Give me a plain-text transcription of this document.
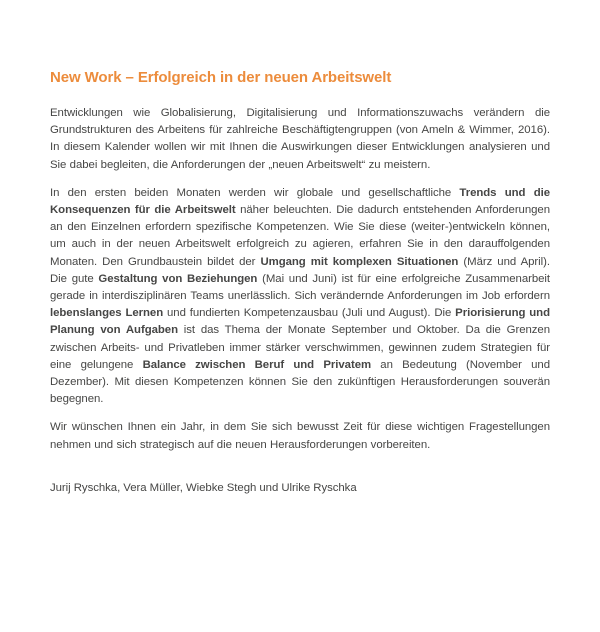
New Work – Erfolgreich in der neuen Arbeitswelt

Entwicklungen wie Globalisierung, Digitalisierung und Informationszuwachs verändern die Grundstrukturen des Arbeitens für zahlreiche Beschäftigtengruppen (von Ameln & Wimmer, 2016). In diesem Kalender wollen wir mit Ihnen die Auswirkungen dieser Entwicklungen analysieren und Sie dabei begleiten, die Anforderungen der „neuen Arbeitswelt“ zu meistern.

In den ersten beiden Monaten werden wir globale und gesellschaftliche Trends und die Konsequenzen für die Arbeitswelt näher beleuchten. Die dadurch entstehenden Anforderungen an den Einzelnen erfordern spezifische Kompetenzen. Wie Sie diese (weiter-)entwickeln können, um auch in der neuen Arbeitswelt erfolgreich zu agieren, erfahren Sie in den darauffolgenden Monaten. Den Grundbaustein bildet der Umgang mit komplexen Situationen (März und April). Die gute Gestaltung von Beziehungen (Mai und Juni) ist für eine erfolgreiche Zusammenarbeit gerade in interdisziplinären Teams unerlässlich. Sich verändernde Anforderungen im Job erfordern lebenslanges Lernen und fundierten Kompetenzausbau (Juli und August). Die Priorisierung und Planung von Aufgaben ist das Thema der Monate September und Oktober. Da die Grenzen zwischen Arbeits- und Privatleben immer stärker verschwimmen, gewinnen zudem Strategien für eine gelungene Balance zwischen Beruf und Privatem an Bedeutung (November und Dezember). Mit diesen Kompetenzen können Sie den zukünftigen Herausforderungen souverän begegnen.

Wir wünschen Ihnen ein Jahr, in dem Sie sich bewusst Zeit für diese wichtigen Fragestellungen nehmen und sich strategisch auf die neuen Herausforderungen vorbereiten.

Jurij Ryschka, Vera Müller, Wiebke Stegh und Ulrike Ryschka
